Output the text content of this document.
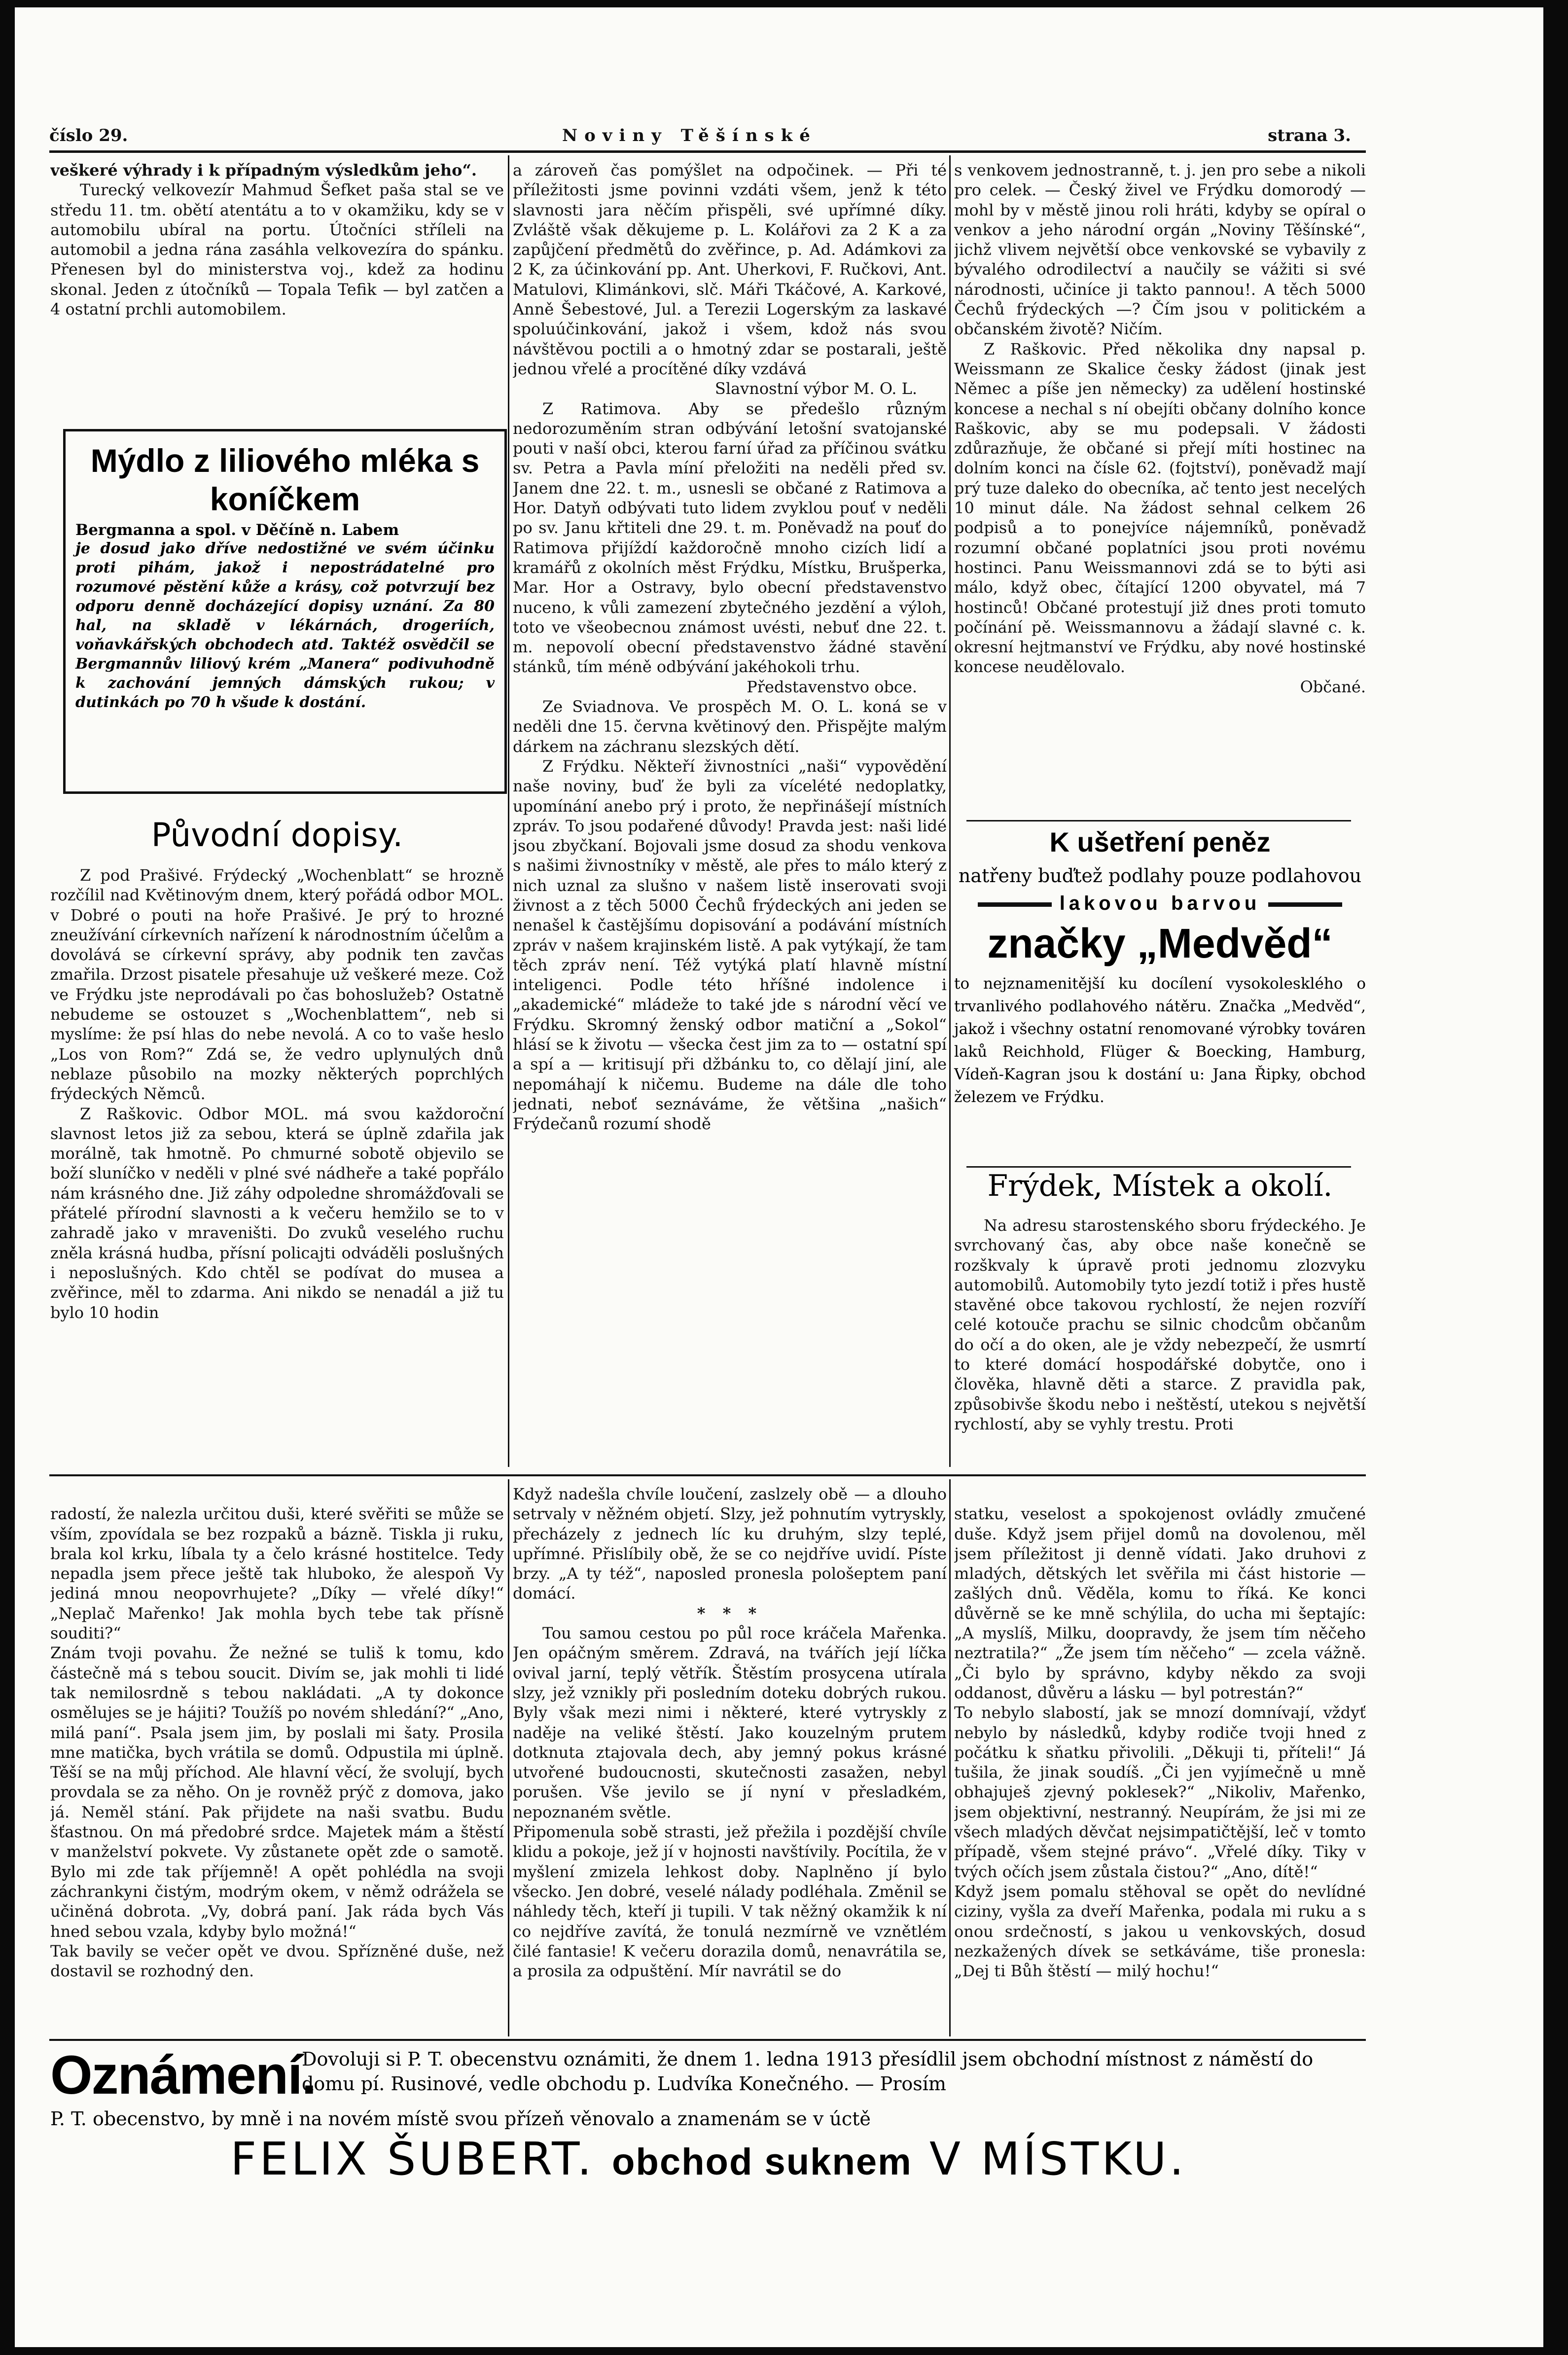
číslo 29.	Noviny Těšínské	strana 3.

veškeré výhrady i k případným výsledkům jeho“.

Turecký velkovezír Mahmud Šefket paša stal se ve středu 11. tm. obětí atentátu a to v okamžiku, kdy se v automobilu ubíral na portu. Útočníci stříleli na automobil a jedna rána zasáhla velkovezíra do spánku. Přenesen byl do ministerstva voj., kdež za hodinu skonal. Jeden z útočníků — Topala Tefik — byl zatčen a 4 ostatní prchli automobilem.

Mýdlo z liliového mléka s koníčkem
Bergmanna a spol. v Děčíně n. Labem
je dosud jako dříve nedostižné ve svém účinku proti pihám, jakož i nepostrádatelné pro rozumové pěstění kůže a krásy, což potvrzují bez odporu denně docházející dopisy uznání. Za 80 hal, na skladě v lékárnách, drogeriích, voňavkářských obchodech atd. Taktéž osvědčil se Bergmannův liliový krém „Manera“ podivuhodně k zachování jemných dámských rukou; v dutinkách po 70 h všude k dostání.
Původní dopisy.

Z pod Prašivé. Frýdecký „Wochenblatt“ se hrozně rozčílil nad Květinovým dnem, který pořádá odbor MOL. v Dobré o pouti na hoře Prašivé. Je prý to hrozné zneužívání církevních nařízení k národnostním účelům a dovolává se církevní správy, aby podnik ten zavčas zmařila. Drzost pisatele přesahuje už veškeré meze. Což ve Frýdku jste neprodávali po čas bohoslužeb? Ostatně nebudeme se ostouzet s „Wochenblattem“, neb si myslíme: že psí hlas do nebe nevolá. A co to vaše heslo „Los von Rom?“ Zdá se, že vedro uplynulých dnů neblaze působilo na mozky některých poprchlých frýdeckých Němců.

Z Raškovic. Odbor MOL. má svou každoroční slavnost letos již za sebou, která se úplně zdařila jak morálně, tak hmotně. Po chmurné sobotě objevilo se boží sluníčko v neděli v plné své nádheře a také popřálo nám krásného dne. Již záhy odpoledne shromážďovali se přátelé přírodní slavnosti a k večeru hemžilo se to v zahradě jako v mraveništi. Do zvuků veselého ruchu zněla krásná hudba, přísní policajti odváděli poslušných i neposlušných. Kdo chtěl se podívat do musea a zvěřince, měl to zdarma. Ani nikdo se nenadál a již tu bylo 10 hodin

a zároveň čas pomýšlet na odpočinek. — Při té příležitosti jsme povinni vzdáti všem, jenž k této slavnosti jara něčím přispěli, své upřímné díky. Zvláště však děkujeme p. L. Kolářovi za 2 K a za zapůjčení předmětů do zvěřince, p. Ad. Adámkovi za 2 K, za účinkování pp. Ant. Uherkovi, F. Ručkovi, Ant. Matulovi, Klimánkovi, slč. Máři Tkáčové, A. Karkové, Anně Šebestové, Jul. a Terezii Logerským za laskavé spoluúčinkování, jakož i všem, kdož nás svou návštěvou poctili a o hmotný zdar se postarali, ještě jednou vřelé a procítěné díky vzdává

Slavnostní výbor M. O. L.

Z Ratimova. Aby se předešlo různým nedorozuměním stran odbývání letošní svatojanské pouti v naší obci, kterou farní úřad za příčinou svátku sv. Petra a Pavla míní přeložiti na neděli před sv. Janem dne 22. t. m., usnesli se občané z Ratimova a Hor. Datyň odbývati tuto lidem zvyklou pouť v neděli po sv. Janu křtiteli dne 29. t. m. Poněvadž na pouť do Ratimova přijíždí každoročně mnoho cizích lidí a kramářů z okolních měst Frýdku, Místku, Brušperka, Mar. Hor a Ostravy, bylo obecní představenstvo nuceno, k vůli zamezení zbytečného jezdění a výloh, toto ve všeobecnou známost uvésti, nebuť dne 22. t. m. nepovolí obecní představenstvo žádné stavění stánků, tím méně odbývání jakéhokoli trhu.

Představenstvo obce.

Ze Sviadnova. Ve prospěch M. O. L. koná se v neděli dne 15. června květinový den. Přispějte malým dárkem na záchranu slezských dětí.

Z Frýdku. Někteří živnostníci „naši“ vypovědění naše noviny, buď že byli za vícelété nedoplatky, upomínání anebo prý i proto, že nepřinášejí místních zpráv. To jsou podařené důvody! Pravda jest: naši lidé jsou zbyčkaní. Bojovali jsme dosud za shodu venkova s našimi živnostníky v městě, ale přes to málo který z nich uznal za slušno v našem listě inserovati svoji živnost a z těch 5000 Čechů frýdeckých ani jeden se nenašel k častějšímu dopisování a podávání místních zpráv v našem krajinském listě. A pak vytýkají, že tam těch zpráv není. Též vytýká platí hlavně místní inteligenci. Podle této hříšné indolence i „akademické“ mládeže to také jde s národní věcí ve Frýdku. Skromný ženský odbor matiční a „Sokol“ hlásí se k životu — všecka čest jim za to — ostatní spí a spí a — kritisují při džbánku to, co dělají jiní, ale nepomáhají k ničemu. Budeme na dále dle toho jednati, neboť seznáváme, že většina „našich“ Frýdečanů rozumí shodě

s venkovem jednostranně, t. j. jen pro sebe a nikoli pro celek. — Český živel ve Frýdku domorodý — mohl by v městě jinou roli hráti, kdyby se opíral o venkov a jeho národní orgán „Noviny Těšínské“, jichž vlivem největší obce venkovské se vybavily z bývalého odrodilectví a naučily se vážiti si své národnosti, učiníce ji takto pannou!. A těch 5000 Čechů frýdeckých —? Čím jsou v politickém a občanském životě? Ničím.

Z Raškovic. Před několika dny napsal p. Weissmann ze Skalice česky žádost (jinak jest Němec a píše jen německy) za udělení hostinské koncese a nechal s ní obejíti občany dolního konce Raškovic, aby se mu podepsali. V žádosti zdůrazňuje, že občané si přejí míti hostinec na dolním konci na čísle 62. (fojtství), poněvadž mají prý tuze daleko do obecníka, ač tento jest necelých 10 minut dále. Na žádost sehnal celkem 26 podpisů a to ponejvíce nájemníků, poněvadž rozumní občané poplatníci jsou proti novému hostinci. Panu Weissmannovi zdá se to býti asi málo, když obec, čítající 1200 obyvatel, má 7 hostinců! Občané protestují již dnes proti tomuto počínání pě. Weissmannovu a žádají slavné c. k. okresní hejtmanství ve Frýdku, aby nové hostinské koncese neudělovalo.

Občané.

K ušetření peněz
natřeny buďtež podlahy pouze podlahovou
lakovou barvou
značky „Medvěd“
to nejznamenitější ku docílení vysokolesklého o trvanlivého podlahového nátěru. Značka „Medvěd“, jakož i všechny ostatní renomované výrobky továren laků Reichhold, Flüger & Boecking, Hamburg, Vídeň-Kagran jsou k dostání u: Jana Řipky, obchod železem ve Frýdku.
Frýdek, Místek a okolí.

Na adresu starostenského sboru frýdeckého. Je svrchovaný čas, aby obce naše konečně se rozškvaly k úpravě proti jednomu zlozvyku automobilů. Automobily tyto jezdí totiž i přes hustě stavěné obce takovou rychlostí, že nejen rozvíří celé kotouče prachu se silnic chodcům občanům do očí a do oken, ale je vždy nebezpečí, že usmrtí to které domácí hospodářské dobytče, ono i člověka, hlavně děti a starce. Z pravidla pak, způsobivše škodu nebo i neštěstí, utekou s největší rychlostí, aby se vyhly trestu. Proti

radostí, že nalezla určitou duši, které svěřiti se může se vším, zpovídala se bez rozpaků a bázně. Tiskla ji ruku, brala kol krku, líbala ty a čelo krásné hostitelce. Tedy nepadla jsem přece ještě tak hluboko, že alespoň Vy jediná mnou neopovrhujete? „Díky — vřelé díky!“ „Neplač Mařenko! Jak mohla bych tebe tak přísně souditi?“
Znám tvoji povahu. Že nežné se tuliš k tomu, kdo částečně má s tebou soucit. Divím se, jak mohli ti lidé tak nemilosrdně s tebou nakládati. „A ty dokonce osmělujes se je hájiti? Toužíš po novém shledání?“ „Ano, milá paní“. Psala jsem jim, by poslali mi šaty. Prosila mne matička, bych vrátila se domů. Odpustila mi úplně. Těší se na můj příchod. Ale hlavní věcí, že svolují, bych provdala se za něho. On je rovněž prýč z domova, jako já. Neměl stání. Pak přijdete na naši svatbu. Budu šťastnou. On má předobré srdce. Majetek mám a štěstí v manželství pokvete. Vy zůstanete opět zde o samotě. Bylo mi zde tak příjemně! A opět pohlédla na svoji záchrankyni čistým, modrým okem, v němž odrážela se učiněná dobrota. „Vy, dobrá paní. Jak ráda bych Vás hned sebou vzala, kdyby bylo možná!“
Tak bavily se večer opět ve dvou. Spřízněné duše, než dostavil se rozhodný den.

Když nadešla chvíle loučení, zaslzely obě — a dlouho setrvaly v něžném objetí. Slzy, jež pohnutím vytryskly, přecházely z jednech líc ku druhým, slzy teplé, upřímné. Přislíbily obě, že se co nejdříve uvidí. Píste brzy. „A ty též“, naposled pronesla pološeptem paní domácí.

* * *

Tou samou cestou po půl roce kráčela Mařenka. Jen opáčným směrem. Zdravá, na tvářích její líčka ovival jarní, teplý větřík. Štěstím prosycena utírala slzy, jež vznikly při posledním doteku dobrých rukou. Byly však mezi nimi i některé, které vytryskly z naděje na veliké štěstí. Jako kouzelným prutem dotknuta ztajovala dech, aby jemný pokus krásné utvořené budoucnosti, skutečnosti zasažen, nebyl porušen. Vše jevilo se jí nyní v přesladkém, nepoznaném světle.
Připomenula sobě strasti, jež přežila i pozdější chvíle klidu a pokoje, jež jí v hojnosti navštívily. Pocítila, že v myšlení zmizela lehkost doby. Naplněno jí bylo všecko. Jen dobré, veselé nálady podléhala. Změnil se náhledy těch, kteří ji tupili. V tak něžný okamžik k ní co nejdříve zavítá, že tonulá nezmírně ve vznětlém čilé fantasie! K večeru dorazila domů, nenavrátila se, a prosila za odpuštění. Mír navrátil se do

statku, veselost a spokojenost ovládly zmučené duše. Když jsem přijel domů na dovolenou, měl jsem příležitost ji denně vídati. Jako druhovi z mladých, dětských let svěřila mi část historie — zašlých dnů. Věděla, komu to říká. Ke konci důvěrně se ke mně schýlila, do ucha mi šeptajíc: „A myslíš, Milku, doopravdy, že jsem tím něčeho neztratila?“ „Že jsem tím něčeho“ — zcela vážně. „Či bylo by správno, kdyby někdo za svoji oddanost, důvěru a lásku — byl potrestán?“
To nebylo slabostí, jak se mnozí domnívají, vždyť nebylo by následků, kdyby rodiče tvoji hned z počátku k sňatku přivolili. „Děkuji ti, příteli!“ Já tušila, že jinak soudíš. „Či jen vyjímečně u mně obhajuješ zjevný poklesek?“ „Nikoliv, Mařenko, jsem objektivní, nestranný. Neupírám, že jsi mi ze všech mladých děvčat nejsimpatičtější, leč v tomto případě, všem stejné právo“. „Vřelé díky. Tiky v tvých očích jsem zůstala čistou?“ „Ano, dítě!“
Když jsem pomalu stěhoval se opět do nevlídné ciziny, vyšla za dveří Mařenka, podala mi ruku a s onou srdečností, s jakou u venkovských, dosud nezkažených dívek se setkáváme, tiše pronesla: „Dej ti Bůh štěstí — milý hochu!“

Oznámení.
Dovoluji si P. T. obecenstvu oznámiti, že dnem 1. ledna 1913 přesídlil jsem obchodní místnost z náměstí do domu pí. Rusinové, vedle obchodu p. Ludvíka Konečného. — Prosím
P. T. obecenstvo, by mně i na novém místě svou přízeň věnovalo a znamenám se v úctě
FELIX ŠUBERT. obchod suknem V MÍSTKU.
